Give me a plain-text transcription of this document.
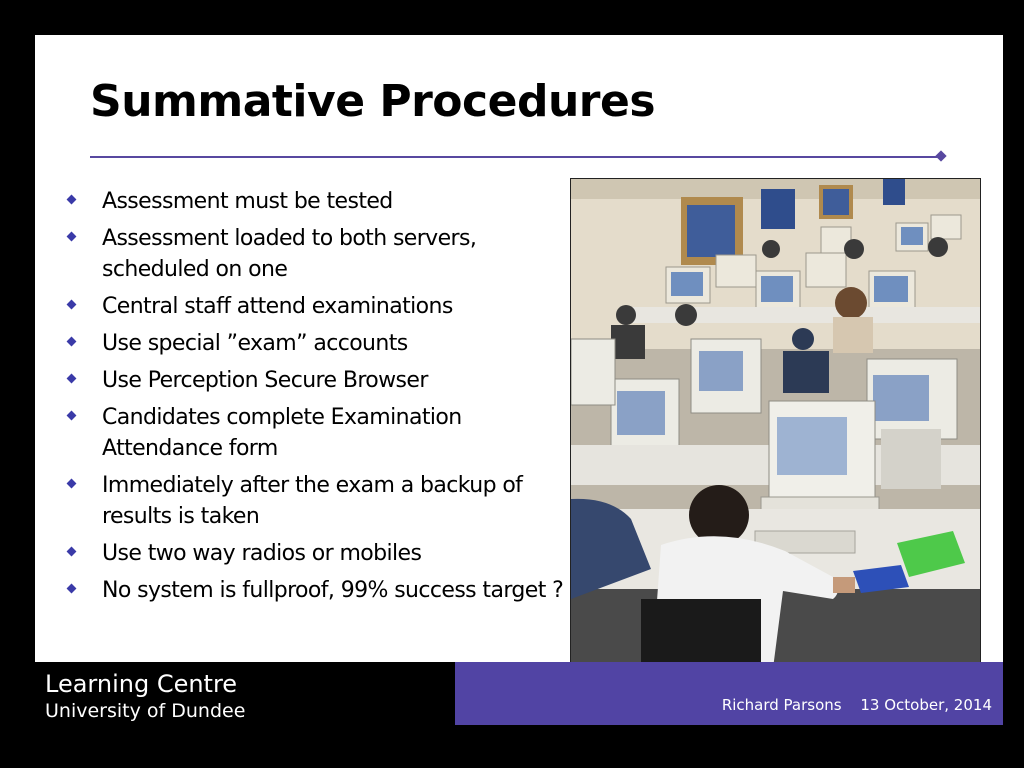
Summative Procedures
Assessment must be tested
Assessment loaded to both servers, scheduled on one
Central staff attend examinations
Use special ”exam” accounts
Use Perception Secure Browser
Candidates complete Examination Attendance form
Immediately after the exam a backup of results is taken
Use two way radios or mobiles
No system is fullproof, 99% success target ?
Learning Centre
University of Dundee	Richard Parsons 13 October, 2014
